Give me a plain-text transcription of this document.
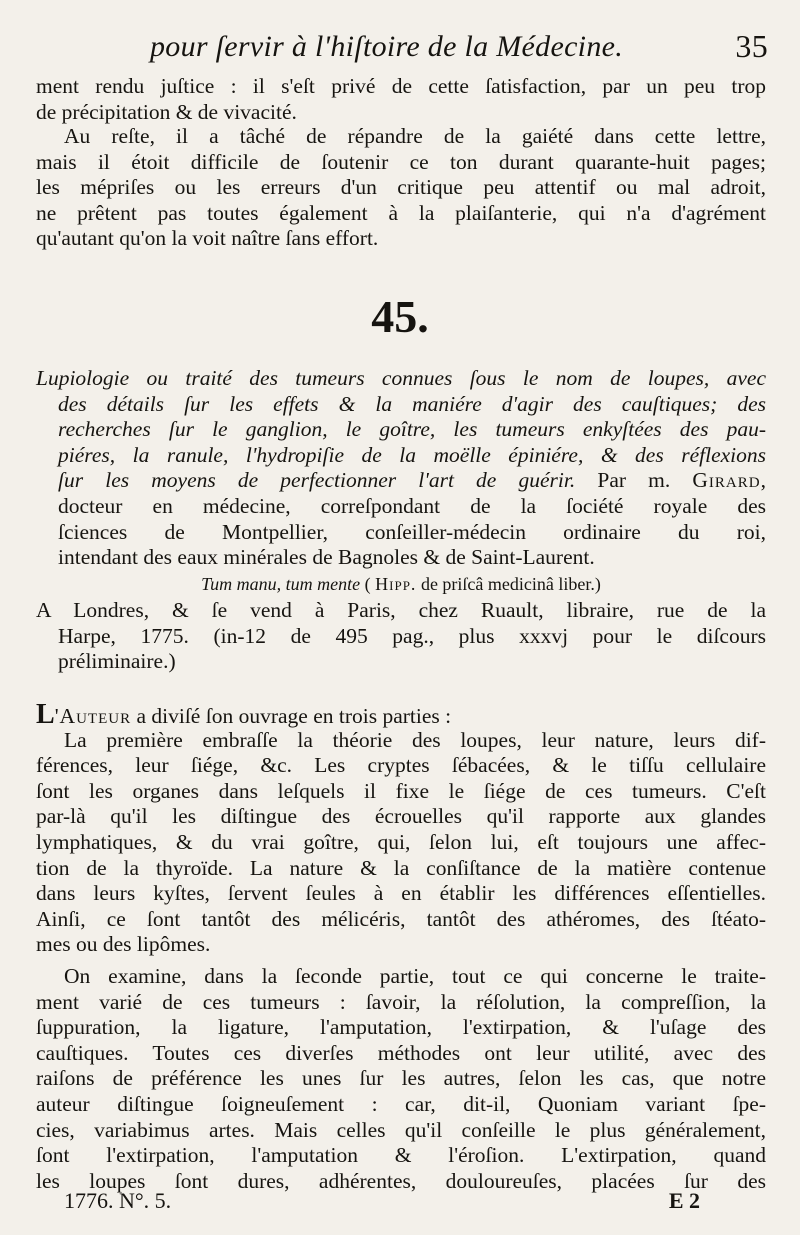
pour ſervir à l'hiſtoire de la Médecine.	35
ment rendu juſtice : il s'eſt privé de cette ſatisfaction, par un peu trop
de précipitation & de vivacité.
Au reſte, il a tâché de répandre de la gaiété dans cette lettre,
mais il étoit difficile de ſoutenir ce ton durant quarante-huit pages;
les mépriſes ou les erreurs d'un critique peu attentif ou mal adroit,
ne prêtent pas toutes également à la plaiſanterie, qui n'a d'agrément
qu'autant qu'on la voit naître ſans effort.
45.
Lupiologie ou traité des tumeurs connues ſous le nom de loupes, avec
des détails ſur les effets & la maniére d'agir des cauſtiques; des
recherches ſur le ganglion, le goître, les tumeurs enkyſtées des pau-
piéres, la ranule, l'hydropiſie de la moëlle épiniére, & des réflexions
ſur les moyens de perfectionner l'art de guérir. Par m. Girard,
docteur en médecine, correſpondant de la ſociété royale des
ſciences de Montpellier, conſeiller-médecin ordinaire du roi,
intendant des eaux minérales de Bagnoles & de Saint-Laurent.
Tum manu, tum mente ( Hipp. de priſcâ medicinâ liber.)
A Londres, & ſe vend à Paris, chez Ruault, libraire, rue de la
Harpe, 1775. (in-12 de 495 pag., plus xxxvj pour le diſcours
préliminaire.)
L'Auteur a diviſé ſon ouvrage en trois parties :
La première embraſſe la théorie des loupes, leur nature, leurs dif-
férences, leur ſiége, &c. Les cryptes ſébacées, & le tiſſu cellulaire
ſont les organes dans leſquels il fixe le ſiége de ces tumeurs. C'eſt
par-là qu'il les diſtingue des écrouelles qu'il rapporte aux glandes
lymphatiques, & du vrai goître, qui, ſelon lui, eſt toujours une affec-
tion de la thyroïde. La nature & la conſiſtance de la matière contenue
dans leurs kyſtes, ſervent ſeules à en établir les différences eſſentielles.
Ainſi, ce ſont tantôt des mélicéris, tantôt des athéromes, des ſtéato-
mes ou des lipômes.
On examine, dans la ſeconde partie, tout ce qui concerne le traite-
ment varié de ces tumeurs : ſavoir, la réſolution, la compreſſion, la
ſuppuration, la ligature, l'amputation, l'extirpation, & l'uſage des
cauſtiques. Toutes ces diverſes méthodes ont leur utilité, avec des
raiſons de préférence les unes ſur les autres, ſelon les cas, que notre
auteur diſtingue ſoigneuſement : car, dit-il, Quoniam variant ſpe-
cies, variabimus artes. Mais celles qu'il conſeille le plus généralement,
ſont l'extirpation, l'amputation & l'éroſion. L'extirpation, quand
les loupes ſont dures, adhérentes, douloureuſes, placées ſur des
1776. N°. 5.	E 2
